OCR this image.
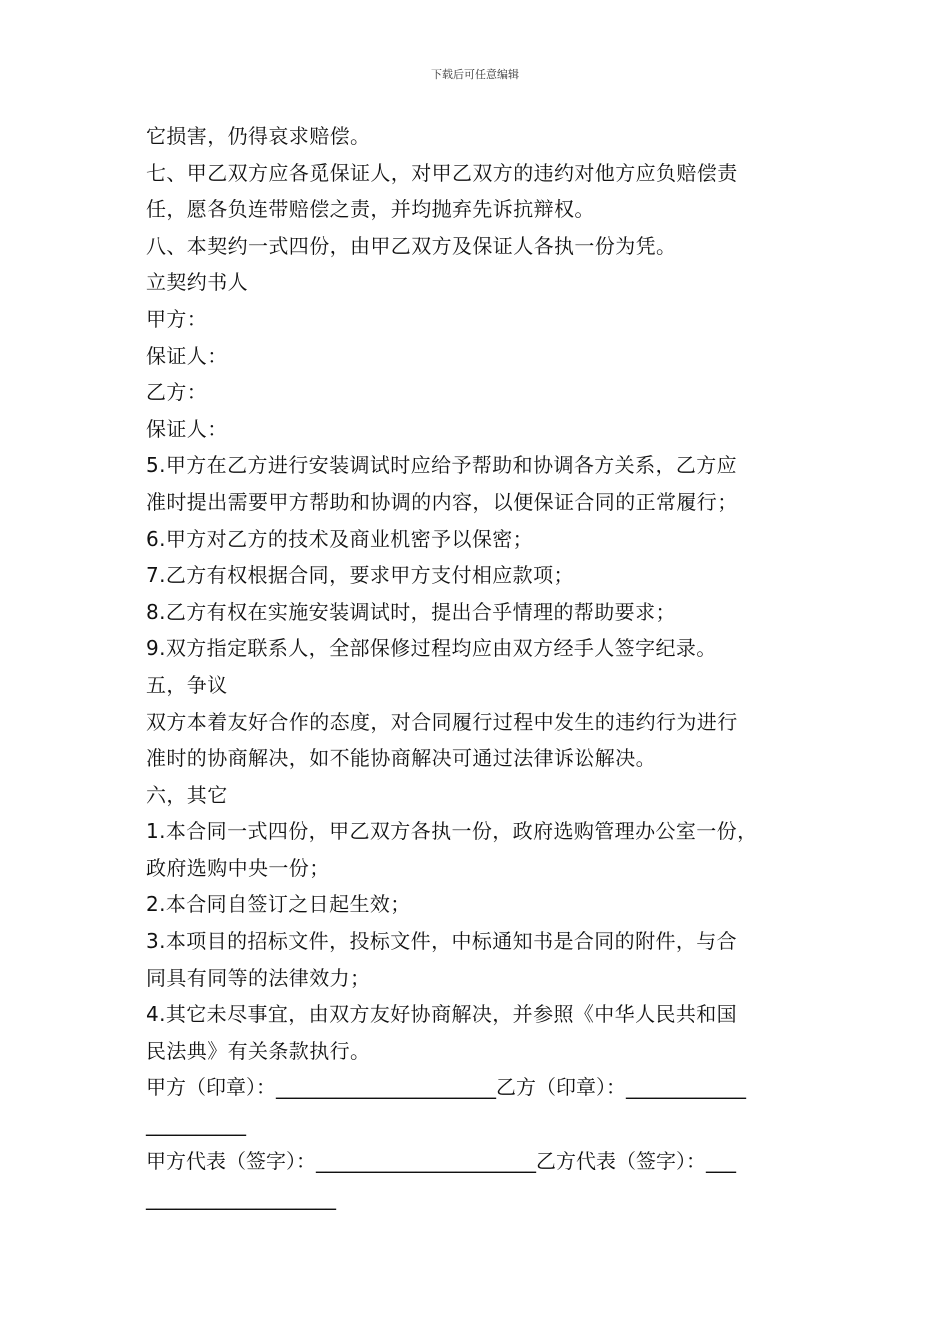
下载后可任意编辑
它损害，仍得哀求赔偿。
七、甲乙双方应各觅保证人，对甲乙双方的违约对他方应负赔偿责
任，愿各负连带赔偿之责，并均抛弃先诉抗辩权。
八、本契约一式四份，由甲乙双方及保证人各执一份为凭。
立契约书人
甲方：
保证人：
乙方：
保证人：
5.甲方在乙方进行安装调试时应给予帮助和协调各方关系，乙方应
准时提出需要甲方帮助和协调的内容，以便保证合同的正常履行；
6.甲方对乙方的技术及商业机密予以保密；
7.乙方有权根据合同，要求甲方支付相应款项；
8.乙方有权在实施安装调试时，提出合乎情理的帮助要求；
9.双方指定联系人，全部保修过程均应由双方经手人签字纪录。
五，争议
双方本着友好合作的态度，对合同履行过程中发生的违约行为进行
准时的协商解决，如不能协商解决可通过法律诉讼解决。
六，其它
1.本合同一式四份，甲乙双方各执一份，政府选购管理办公室一份，
政府选购中央一份；
2.本合同自签订之日起生效；
3.本项目的招标文件，投标文件，中标通知书是合同的附件，与合
同具有同等的法律效力；
4.其它未尽事宜，由双方友好协商解决，并参照《中华人民共和国
民法典》有关条款执行。
甲方（印章）：______________________乙方（印章）：____________
__________
甲方代表（签字）：______________________乙方代表（签字）：___
___________________
